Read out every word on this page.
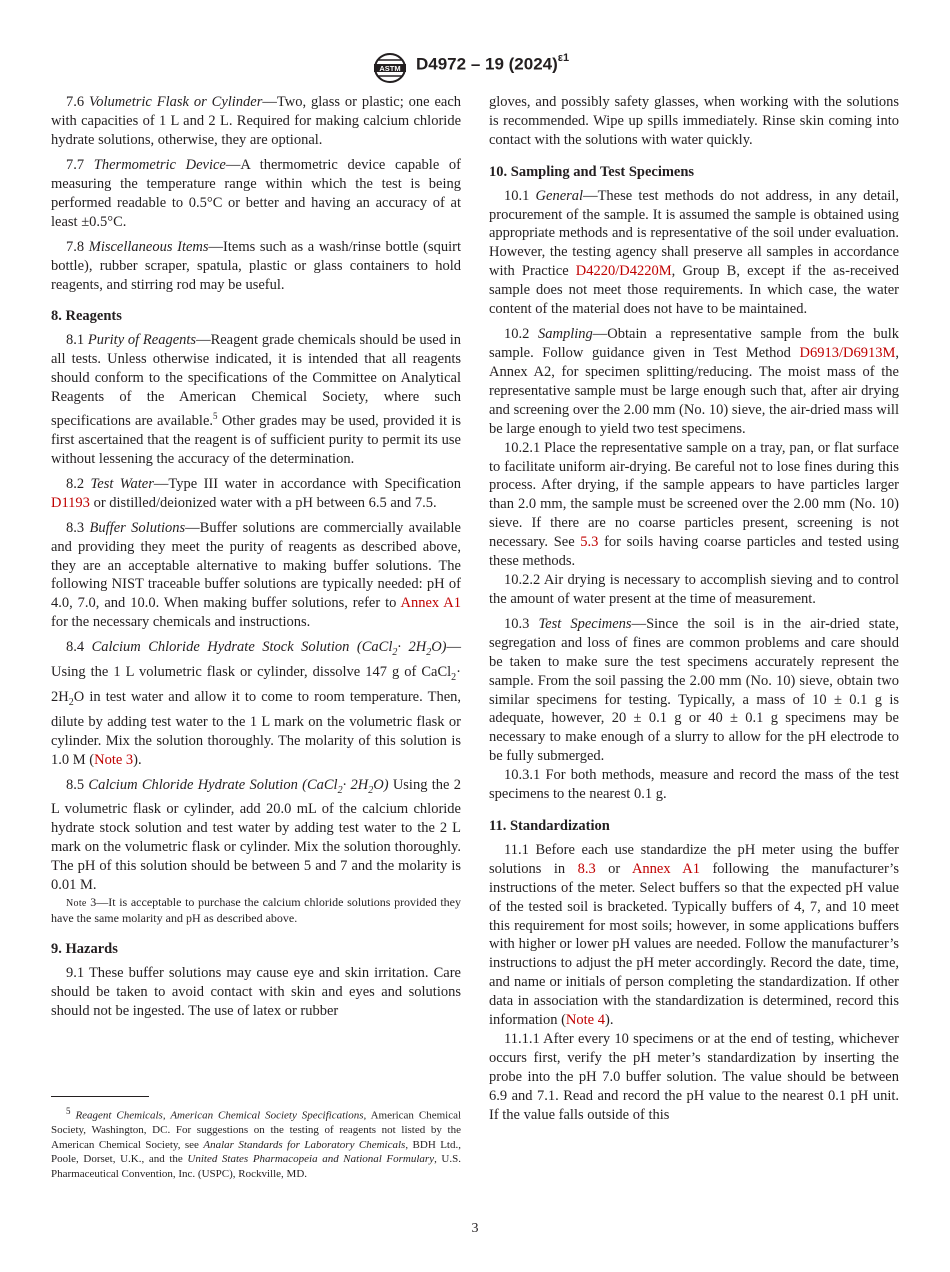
ASTM D4972 – 19 $(2024)^{\varepsilon 1}$

7.6 Volumetric Flask or Cylinder—Two, glass or plastic; one each with capacities of 1 L and 2 L. Required for making calcium chloride hydrate solutions, otherwise, they are optional.

7.7 Thermometric Device—A thermometric device capable of measuring the temperature range within which the test is being performed readable to 0.5°C or better and having an accuracy of at least ±0.5°C.

7.8 Miscellaneous Items—Items such as a wash/rinse bottle (squirt bottle), rubber scraper, spatula, plastic or glass containers to hold reagents, and stirring rod may be useful.

8. Reagents

8.1 Purity of Reagents—Reagent grade chemicals should be used in all tests. Unless otherwise indicated, it is intended that all reagents should conform to the specifications of the Committee on Analytical Reagents of the American Chemical Society, where such specifications are available.$^5$ Other grades may be used, provided it is first ascertained that the reagent is of sufficient purity to permit its use without lessening the accuracy of the determination.

8.2 Test Water—Type III water in accordance with Specification D1193 or distilled/deionized water with a pH between 6.5 and 7.5.

8.3 Buffer Solutions—Buffer solutions are commercially available and providing they meet the purity of reagents as described above, they are an acceptable alternative to making buffer solutions. The following NIST traceable buffer solutions are typically needed: pH of 4.0, 7.0, and 10.0. When making buffer solutions, refer to Annex A1 for the necessary chemicals and instructions.

8.4 Calcium Chloride Hydrate Stock Solution (CaCl$_2$· $2H_2O)—Using$ the 1 L volumetric flask or cylinder, dissolve 147 g of CaCl$_2$· $2H_2O$ in test water and allow it to come to room temperature. Then, dilute by adding test water to the 1 L mark on the volumetric flask or cylinder. Mix the solution thoroughly. The molarity of this solution is 1.0 M (Note 3).

8.5 Calcium Chloride Hydrate Solution (CaCl$_2$· $2H_2O$) Using the 2 L volumetric flask or cylinder, add 20.0 mL of the calcium chloride hydrate stock solution and test water by adding test water to the 2 L mark on the volumetric flask or cylinder. Mix the solution thoroughly. The pH of this solution should be between 5 and 7 and the molarity is 0.01 M.

Note 3—It is acceptable to purchase the calcium chloride solutions provided they have the same molarity and pH as described above.
9. Hazards

9.1 These buffer solutions may cause eye and skin irritation. Care should be taken to avoid contact with skin and eyes and solutions should not be ingested. The use of latex or rubber

$^5$ Reagent Chemicals, American Chemical Society Specifications, American Chemical Society, Washington, DC. For suggestions on the testing of reagents not listed by the American Chemical Society, see Analar Standards for Laboratory Chemicals, BDH Ltd., Poole, Dorset, U.K., and the United States Pharmacopeia and National Formulary, U.S. Pharmaceutical Convention, Inc. (USPC), Rockville, MD.

gloves, and possibly safety glasses, when working with the solutions is recommended. Wipe up spills immediately. Rinse skin coming into contact with the solutions with water quickly.

10. Sampling and Test Specimens

10.1 General—These test methods do not address, in any detail, procurement of the sample. It is assumed the sample is obtained using appropriate methods and is representative of the soil under evaluation. However, the testing agency shall preserve all samples in accordance with Practice D4220/D4220M, Group B, except if the as-received sample does not meet those requirements. In which case, the water content of the material does not have to be maintained.

10.2 Sampling—Obtain a representative sample from the bulk sample. Follow guidance given in Test Method D6913/D6913M, Annex A2, for specimen splitting/reducing. The moist mass of the representative sample must be large enough such that, after air drying and screening over the 2.00 mm (No. 10) sieve, the air-dried mass will be large enough to yield two test specimens.

10.2.1 Place the representative sample on a tray, pan, or flat surface to facilitate uniform air-drying. Be careful not to lose fines during this process. After drying, if the sample appears to have particles larger than 2.0 mm, the sample must be screened over the 2.00 mm (No. 10) sieve. If there are no coarse particles present, screening is not necessary. See 5.3 for soils having coarse particles and tested using these methods.

10.2.2 Air drying is necessary to accomplish sieving and to control the amount of water present at the time of measurement.

10.3 Test Specimens—Since the soil is in the air-dried state, segregation and loss of fines are common problems and care should be taken to make sure the test specimens accurately represent the sample. From the soil passing the 2.00 mm (No. 10) sieve, obtain two similar specimens for testing. Typically, a mass of 10 ± 0.1 g is adequate, however, 20 ± 0.1 g or 40 ± 0.1 g specimens may be necessary to make enough of a slurry to allow for the pH electrode to be fully submerged.

10.3.1 For both methods, measure and record the mass of the test specimens to the nearest 0.1 g.

11. Standardization

11.1 Before each use standardize the pH meter using the buffer solutions in 8.3 or Annex A1 following the manufacturer’s instructions of the meter. Select buffers so that the expected pH value of the tested soil is bracketed. Typically buffers of 4, 7, and 10 meet this requirement for most soils; however, in some applications buffers with higher or lower pH values are needed. Follow the manufacturer’s instructions to adjust the pH meter accordingly. Record the date, time, and name or initials of person completing the standardization. If other data in association with the standardization is determined, record this information (Note 4).

11.1.1 After every 10 specimens or at the end of testing, whichever occurs first, verify the pH meter’s standardization by inserting the probe into the pH 7.0 buffer solution. The value should be between 6.9 and 7.1. Read and record the pH value to the nearest 0.1 pH unit. If the value falls outside of this

3
